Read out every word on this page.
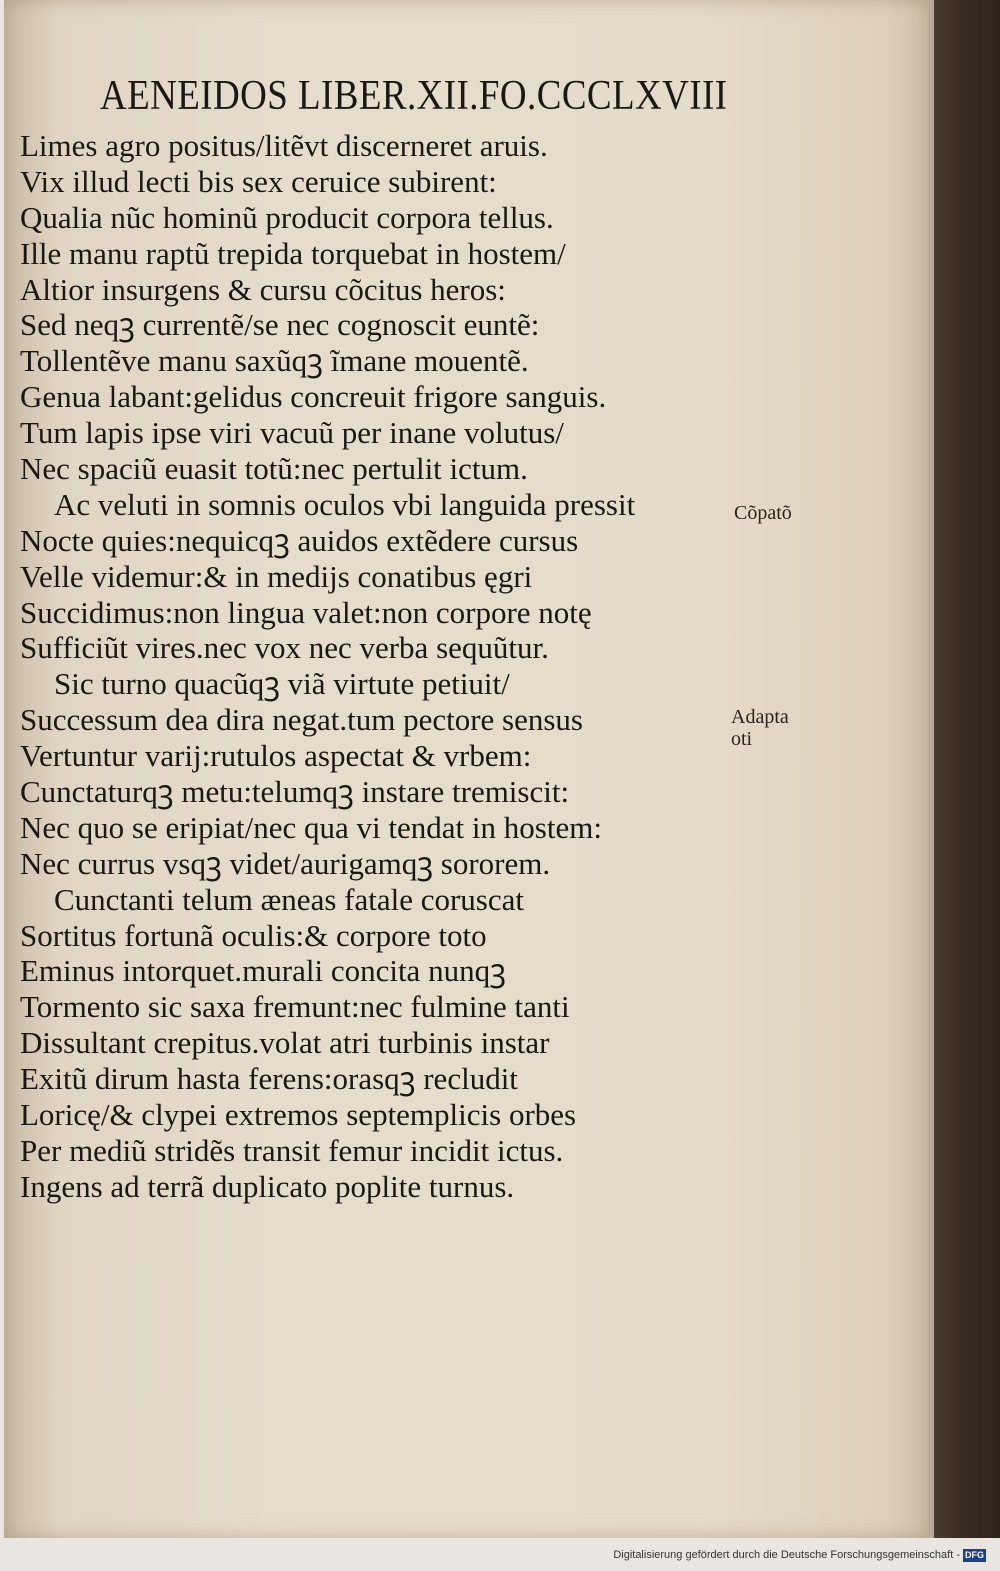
AENEIDOS LIBER.XII.FO.CCCLXVIII
Limes agro positus/litẽvt discerneret aruis.
Vix illud lecti bis sex ceruice subirent:
Qualia nũc hominũ producit corpora tellus.
Ille manu raptũ trepida torquebat in hostem/
Altior insurgens & cursu cõcitus heros:
Sed neqꝫ currentẽ/se nec cognoscit euntẽ:
Tollentẽve manu saxũqꝫ ĩmane mouentẽ.
Genua labant:gelidus concreuit frigore sanguis.
Tum lapis ipse viri vacuũ per inane volutus/
Nec spaciũ euasit totũ:nec pertulit ictum.
Ac veluti in somnis oculos vbi languida pressit
Nocte quies:nequicqꝫ auidos extẽdere cursus
Velle videmur:& in medijs conatibus ęgri
Succidimus:non lingua valet:non corpore notę
Sufficiũt vires.nec vox nec verba sequũtur.
Sic turno quacũqꝫ viã virtute petiuit/
Successum dea dira negat.tum pectore sensus
Vertuntur varij:rutulos aspectat & vrbem:
Cunctaturqꝫ metu:telumqꝫ instare tremiscit:
Nec quo se eripiat/nec qua vi tendat in hostem:
Nec currus vsqꝫ videt/aurigamqꝫ sororem.
Cunctanti telum æneas fatale coruscat
Sortitus fortunã oculis:& corpore toto
Eminus intorquet.murali concita nunqꝫ
Tormento sic saxa fremunt:nec fulmine tanti
Dissultant crepitus.volat atri turbinis instar
Exitũ dirum hasta ferens:orasqꝫ recludit
Loricę/& clypei extremos septemplicis orbes
Per mediũ stridẽs transit femur incidit ictus.
Ingens ad terrã duplicato poplite turnus.
Cõpatõ
Adapta
oti
Digitalisierung gefördert durch die Deutsche Forschungsgemeinschaft - DFG
